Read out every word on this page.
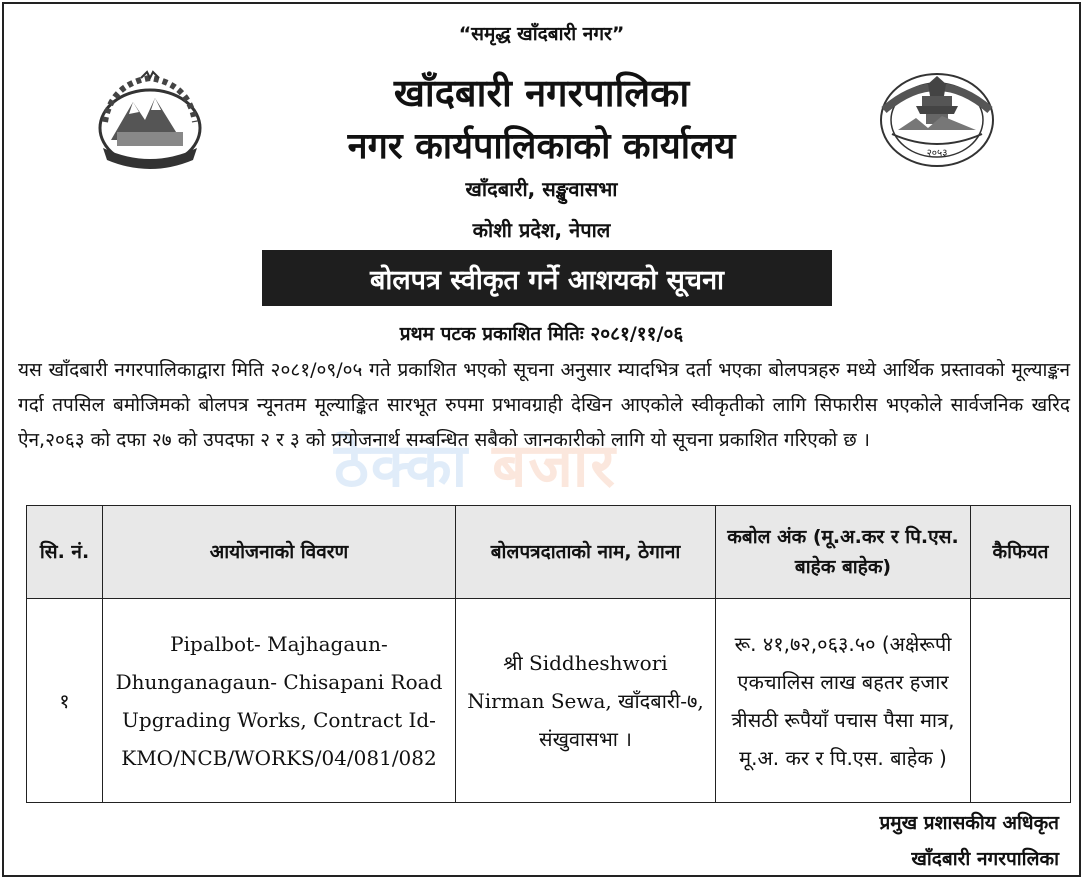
२०५३
“समृद्ध खाँदबारी नगर”
खाँदबारी नगरपालिका
नगर कार्यपालिकाको कार्यालय
खाँदबारी, सङ्खुवासभा
कोशी प्रदेश, नेपाल
बोलपत्र स्वीकृत गर्ने आशयको सूचना
प्रथम पटक प्रकाशित मितिः २०८१/११/०६
ठेक्का बजार
यस खाँदबारी नगरपालिकाद्वारा मिति २०८१/०९/०५ गते प्रकाशित भएको सूचना अनुसार म्यादभित्र दर्ता भएका बोलपत्रहरु मध्ये आर्थिक प्रस्तावको मूल्याङ्कन गर्दा तपसिल बमोजिमको बोलपत्र न्यूनतम मूल्याङ्कित सारभूत रुपमा प्रभावग्राही देखिन आएकोले स्वीकृतीको लागि सिफारीस भएकोले सार्वजनिक खरिद ऐन,२०६३ को दफा २७ को उपदफा २ र ३ को प्रयोजनार्थ सम्बन्धित सबैको जानकारीको लागि यो सूचना प्रकाशित गरिएको छ ।
सि. नं.	आयोजनाको विवरण	बोलपत्रदाताको नाम, ठेगाना	कबोल अंक (मू.अ.कर र पि.एस. बाहेक बाहेक)	कैफियत
१	Pipalbot- Majhagaun- Dhunganagaun- Chisapani Road Upgrading Works, Contract Id- KMO/NCB/WORKS/04/081/082	श्री Siddheshwori Nirman Sewa, खाँदबारी-७, संखुवासभा ।	रू. ४१,७२,०६३.५० (अक्षेरूपी एकचालिस लाख बहतर हजार त्रीसठी रूपैयाँ पचास पैसा मात्र, मू.अ. कर र पि.एस. बाहेक )	
प्रमुख प्रशासकीय अधिकृत
खाँदबारी नगरपालिका
